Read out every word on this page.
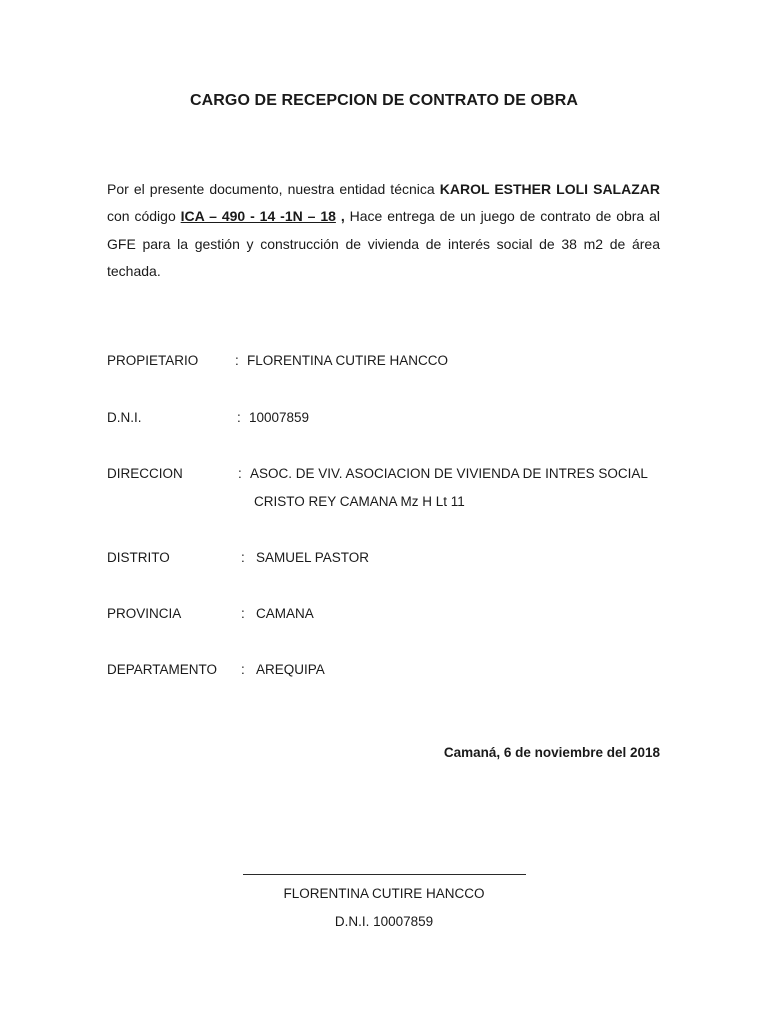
CARGO DE RECEPCION DE CONTRATO DE OBRA
Por el presente documento, nuestra entidad técnica KAROL ESTHER LOLI SALAZAR con código ICA – 490 - 14 -1N – 18 , Hace entrega de un juego de contrato de obra al GFE para la gestión y construcción de vivienda de interés social de 38 m2 de área techada.
PROPIETARIO	: FLORENTINA CUTIRE HANCCO
D.N.I.	: 10007859
DIRECCION	: ASOC. DE VIV. ASOCIACION DE VIVIENDA DE INTRES SOCIAL
CRISTO REY CAMANA Mz H Lt 11
DISTRITO	: SAMUEL PASTOR
PROVINCIA	: CAMANA
DEPARTAMENTO : AREQUIPA
Camaná, 6 de noviembre del 2018
FLORENTINA CUTIRE HANCCO
D.N.I. 10007859
